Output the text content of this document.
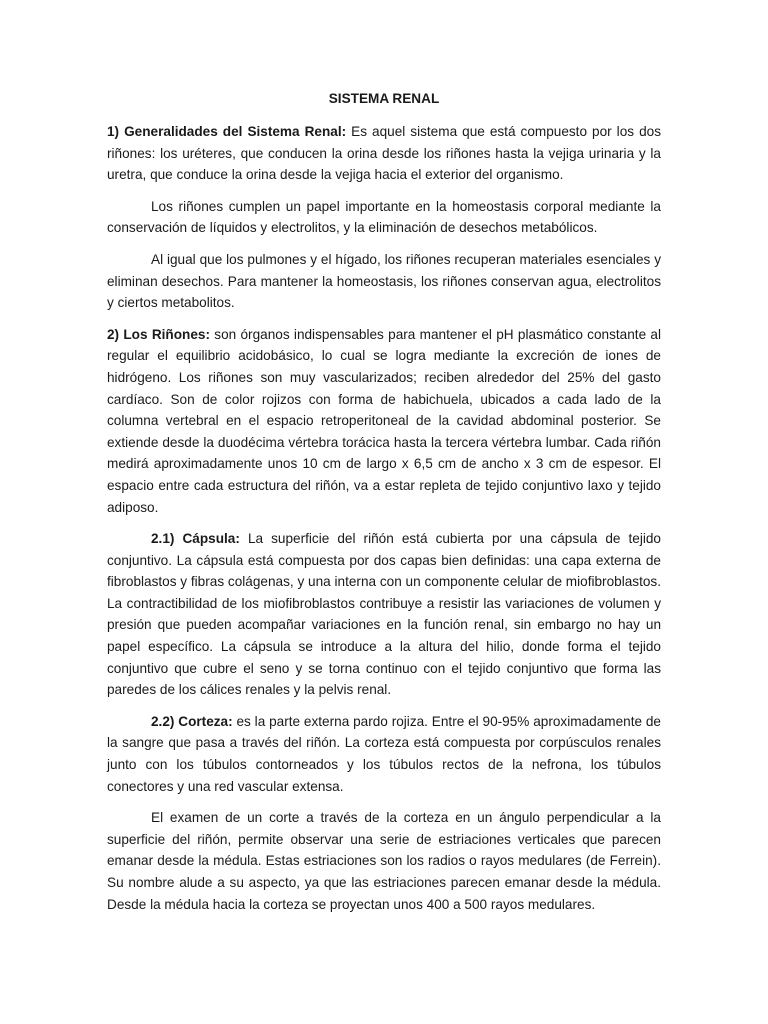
SISTEMA RENAL

1) Generalidades del Sistema Renal: Es aquel sistema que está compuesto por los dos riñones: los uréteres, que conducen la orina desde los riñones hasta la vejiga urinaria y la uretra, que conduce la orina desde la vejiga hacia el exterior del organismo.

Los riñones cumplen un papel importante en la homeostasis corporal mediante la conservación de líquidos y electrolitos, y la eliminación de desechos metabólicos.

Al igual que los pulmones y el hígado, los riñones recuperan materiales esenciales y eliminan desechos. Para mantener la homeostasis, los riñones conservan agua, electrolitos y ciertos metabolitos.

2) Los Riñones: son órganos indispensables para mantener el pH plasmático constante al regular el equilibrio acidobásico, lo cual se logra mediante la excreción de iones de hidrógeno. Los riñones son muy vascularizados; reciben alrededor del 25% del gasto cardíaco. Son de color rojizos con forma de habichuela, ubicados a cada lado de la columna vertebral en el espacio retroperitoneal de la cavidad abdominal posterior. Se extiende desde la duodécima vértebra torácica hasta la tercera vértebra lumbar. Cada riñón medirá aproximadamente unos 10 cm de largo x 6,5 cm de ancho x 3 cm de espesor. El espacio entre cada estructura del riñón, va a estar repleta de tejido conjuntivo laxo y tejido adiposo.

2.1) Cápsula: La superficie del riñón está cubierta por una cápsula de tejido conjuntivo. La cápsula está compuesta por dos capas bien definidas: una capa externa de fibroblastos y fibras colágenas, y una interna con un componente celular de miofibroblastos. La contractibilidad de los miofibroblastos contribuye a resistir las variaciones de volumen y presión que pueden acompañar variaciones en la función renal, sin embargo no hay un papel específico. La cápsula se introduce a la altura del hilio, donde forma el tejido conjuntivo que cubre el seno y se torna continuo con el tejido conjuntivo que forma las paredes de los cálices renales y la pelvis renal.

2.2) Corteza: es la parte externa pardo rojiza. Entre el 90-95% aproximadamente de la sangre que pasa a través del riñón. La corteza está compuesta por corpúsculos renales junto con los túbulos contorneados y los túbulos rectos de la nefrona, los túbulos conectores y una red vascular extensa.

El examen de un corte a través de la corteza en un ángulo perpendicular a la superficie del riñón, permite observar una serie de estriaciones verticales que parecen emanar desde la médula. Estas estriaciones son los radios o rayos medulares (de Ferrein). Su nombre alude a su aspecto, ya que las estriaciones parecen emanar desde la médula. Desde la médula hacia la corteza se proyectan unos 400 a 500 rayos medulares.
